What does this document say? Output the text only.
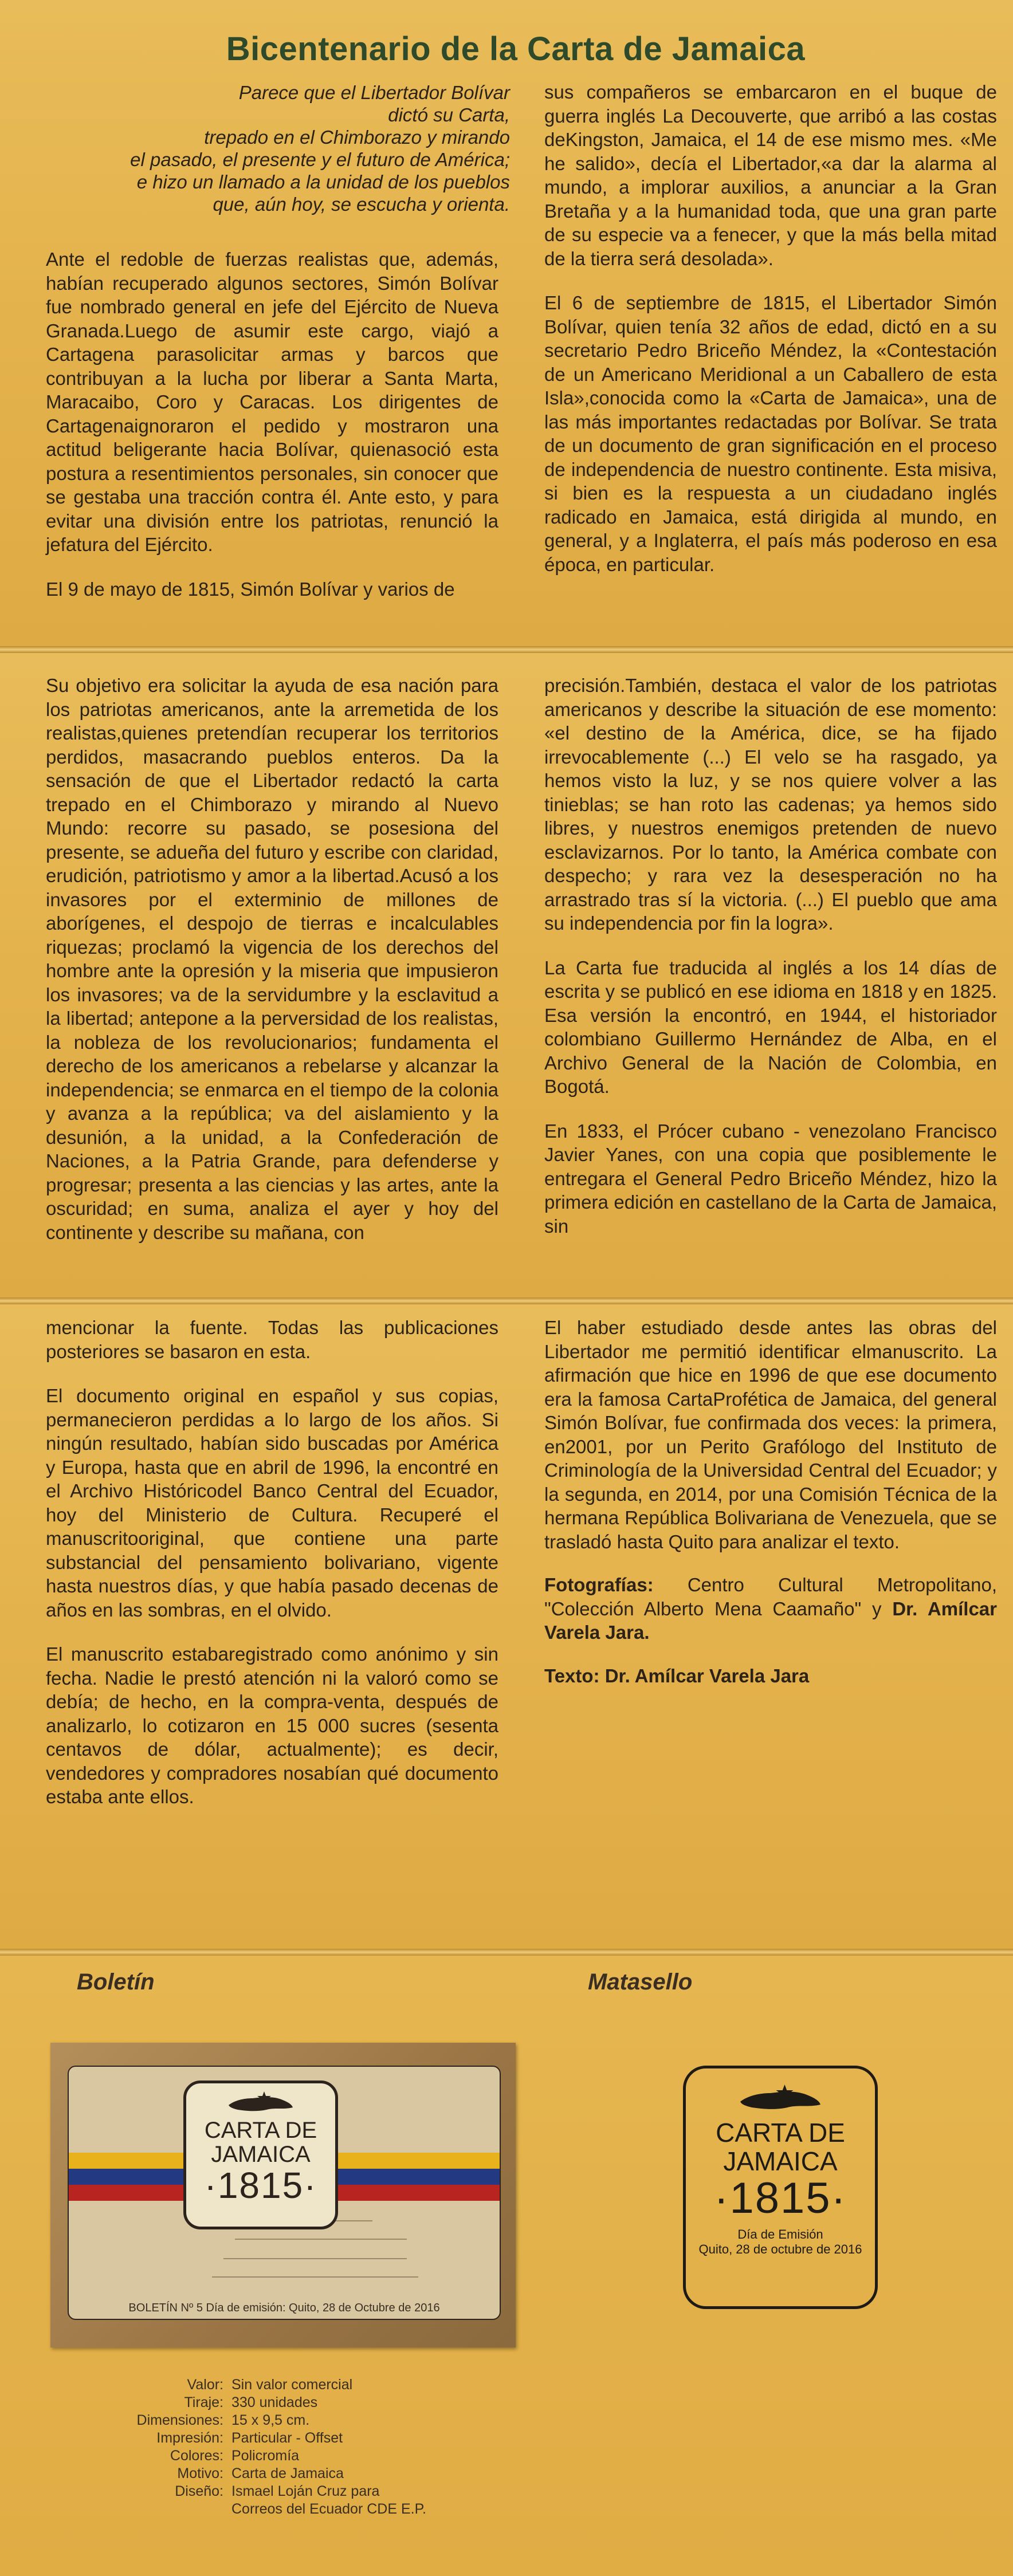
Bicentenario de la Carta de Jamaica
Parece que el Libertador Bolívar
dictó su Carta,
trepado en el Chimborazo y mirando
el pasado, el presente y el futuro de América;
e hizo un llamado a la unidad de los pueblos
que, aún hoy, se escucha y orienta.

Ante el redoble de fuerzas realistas que, además, habían recuperado algunos sectores, Simón Bolívar fue nombrado general en jefe del Ejército de Nueva Granada.Luego de asumir este cargo, viajó a Cartagena parasolicitar armas y barcos que contribuyan a la lucha por liberar a Santa Marta, Maracaibo, Coro y Caracas. Los dirigentes de Cartagenaignoraron el pedido y mostraron una actitud beligerante hacia Bolívar, quienasoció esta postura a resentimientos personales, sin conocer que se gestaba una tracción contra él. Ante esto, y para evitar una división entre los patriotas, renunció la jefatura del Ejército.

El 9 de mayo de 1815, Simón Bolívar y varios de

sus compañeros se embarcaron en el buque de guerra inglés La Decouverte, que arribó a las costas deKingston, Jamaica, el 14 de ese mismo mes. «Me he salido», decía el Libertador,«a dar la alarma al mundo, a implorar auxilios, a anunciar a la Gran Bretaña y a la humanidad toda, que una gran parte de su especie va a fenecer, y que la más bella mitad de la tierra será desolada».

El 6 de septiembre de 1815, el Libertador Simón Bolívar, quien tenía 32 años de edad, dictó en a su secretario Pedro Briceño Méndez, la «Contestación de un Americano Meridional a un Caballero de esta Isla»,conocida como la «Carta de Jamaica», una de las más importantes redactadas por Bolívar. Se trata de un documento de gran significación en el proceso de independencia de nuestro continente. Esta misiva, si bien es la respuesta a un ciudadano inglés radicado en Jamaica, está dirigida al mundo, en general, y a Inglaterra, el país más poderoso en esa época, en particular.

Su objetivo era solicitar la ayuda de esa nación para los patriotas americanos, ante la arremetida de los realistas,quienes pretendían recuperar los territorios perdidos, masacrando pueblos enteros. Da la sensación de que el Libertador redactó la carta trepado en el Chimborazo y mirando al Nuevo Mundo: recorre su pasado, se posesiona del presente, se adueña del futuro y escribe con claridad, erudición, patriotismo y amor a la libertad.Acusó a los invasores por el exterminio de millones de aborígenes, el despojo de tierras e incalculables riquezas; proclamó la vigencia de los derechos del hombre ante la opresión y la miseria que impusieron los invasores; va de la servidumbre y la esclavitud a la libertad; antepone a la perversidad de los realistas, la nobleza de los revolucionarios; fundamenta el derecho de los americanos a rebelarse y alcanzar la independencia; se enmarca en el tiempo de la colonia y avanza a la república; va del aislamiento y la desunión, a la unidad, a la Confederación de Naciones, a la Patria Grande, para defenderse y progresar; presenta a las ciencias y las artes, ante la oscuridad; en suma, analiza el ayer y hoy del continente y describe su mañana, con

precisión.También, destaca el valor de los patriotas americanos y describe la situación de ese momento: «el destino de la América, dice, se ha fijado irrevocablemente (...) El velo se ha rasgado, ya hemos visto la luz, y se nos quiere volver a las tinieblas; se han roto las cadenas; ya hemos sido libres, y nuestros enemigos pretenden de nuevo esclavizarnos. Por lo tanto, la América combate con despecho; y rara vez la desesperación no ha arrastrado tras sí la victoria. (...) El pueblo que ama su independencia por fin la logra».

La Carta fue traducida al inglés a los 14 días de escrita y se publicó en ese idioma en 1818 y en 1825. Esa versión la encontró, en 1944, el historiador colombiano Guillermo Hernández de Alba, en el Archivo General de la Nación de Colombia, en Bogotá.

En 1833, el Prócer cubano - venezolano Francisco Javier Yanes, con una copia que posiblemente le entregara el General Pedro Briceño Méndez, hizo la primera edición en castellano de la Carta de Jamaica, sin

mencionar la fuente. Todas las publicaciones posteriores se basaron en esta.

El documento original en español y sus copias, permanecieron perdidas a lo largo de los años. Si ningún resultado, habían sido buscadas por América y Europa, hasta que en abril de 1996, la encontré en el Archivo Históricodel Banco Central del Ecuador, hoy del Ministerio de Cultura. Recuperé el manuscritooriginal, que contiene una parte substancial del pensamiento bolivariano, vigente hasta nuestros días, y que había pasado decenas de años en las sombras, en el olvido.

El manuscrito estabaregistrado como anónimo y sin fecha. Nadie le prestó atención ni la valoró como se debía; de hecho, en la compra-venta, después de analizarlo, lo cotizaron en 15 000 sucres (sesenta centavos de dólar, actualmente); es decir, vendedores y compradores nosabían qué documento estaba ante ellos.

El haber estudiado desde antes las obras del Libertador me permitió identificar elmanuscrito. La afirmación que hice en 1996 de que ese documento era la famosa CartaProfética de Jamaica, del general Simón Bolívar, fue confirmada dos veces: la primera, en2001, por un Perito Grafólogo del Instituto de Criminología de la Universidad Central del Ecuador; y la segunda, en 2014, por una Comisión Técnica de la hermana República Bolivariana de Venezuela, que se trasladó hasta Quito para analizar el texto.

Fotografías: Centro Cultural Metropolitano, "Colección Alberto Mena Caamaño" y Dr. Amílcar Varela Jara.

Texto: Dr. Amílcar Varela Jara

Boletín	Matasello
CARTA DE
JAMAICA
·1815·
BOLETÍN Nº 5 Día de emisión: Quito, 28 de Octubre de 2016
CARTA DE
JAMAICA
·1815·
Día de Emisión
Quito, 28 de octubre de 2016
Valor: Sin valor comercial
Tiraje: 330 unidades
Dimensiones: 15 x 9,5 cm.
Impresión: Particular - Offset
Colores: Policromía
Motivo: Carta de Jamaica
Diseño: Ismael Loján Cruz para
Correos del Ecuador CDE E.P.
